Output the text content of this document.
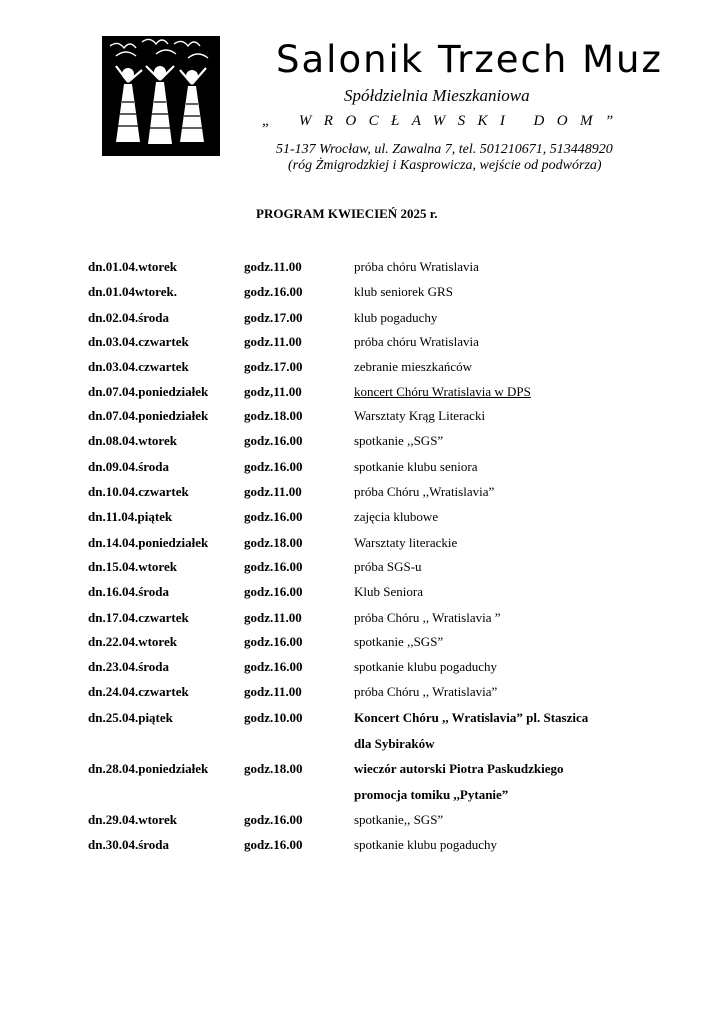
Salonik Trzech Muz
Spółdzielnia Mieszkaniowa
„ WROCŁAWSKI DOM”
51-137 Wrocław, ul. Zawalna 7, tel. 501210671, 513448920
(róg Żmigrodzkiej i Kasprowicza, wejście od podwórza)
PROGRAM KWIECIEŃ 2025 r.
dn.01.04.wtorek	godz.11.00	próba chóru Wratislavia
dn.01.04wtorek.	godz.16.00	klub seniorek GRS
dn.02.04.środa	godz.17.00	klub pogaduchy
dn.03.04.czwartek	godz.11.00	próba chóru Wratislavia
dn.03.04.czwartek	godz.17.00	zebranie mieszkańców
dn.07.04.poniedziałek	godz,11.00	koncert Chóru Wratislavia w DPS
dn.07.04.poniedziałek	godz.18.00	Warsztaty Krąg Literacki
dn.08.04.wtorek	godz.16.00	spotkanie ,,SGS”
dn.09.04.środa	godz.16.00	spotkanie klubu seniora
dn.10.04.czwartek	godz.11.00	próba Chóru ,,Wratislavia”
dn.11.04.piątek	godz.16.00	zajęcia klubowe
dn.14.04.poniedziałek	godz.18.00	Warsztaty literackie
dn.15.04.wtorek	godz.16.00	próba SGS-u
dn.16.04.środa	godz.16.00	Klub Seniora
dn.17.04.czwartek	godz.11.00	próba Chóru ,, Wratislavia ”
dn.22.04.wtorek	godz.16.00	spotkanie ,,SGS”
dn.23.04.środa	godz.16.00	spotkanie klubu pogaduchy
dn.24.04.czwartek	godz.11.00	próba Chóru ,, Wratislavia”
dn.25.04.piątek	godz.10.00	Koncert Chóru ,, Wratislavia” pl. Staszica
dla Sybiraków
dn.28.04.poniedziałek	godz.18.00	wieczór autorski Piotra Paskudzkiego
promocja tomiku ,,Pytanie”
dn.29.04.wtorek	godz.16.00	spotkanie,, SGS”
dn.30.04.środa	godz.16.00	spotkanie klubu pogaduchy
